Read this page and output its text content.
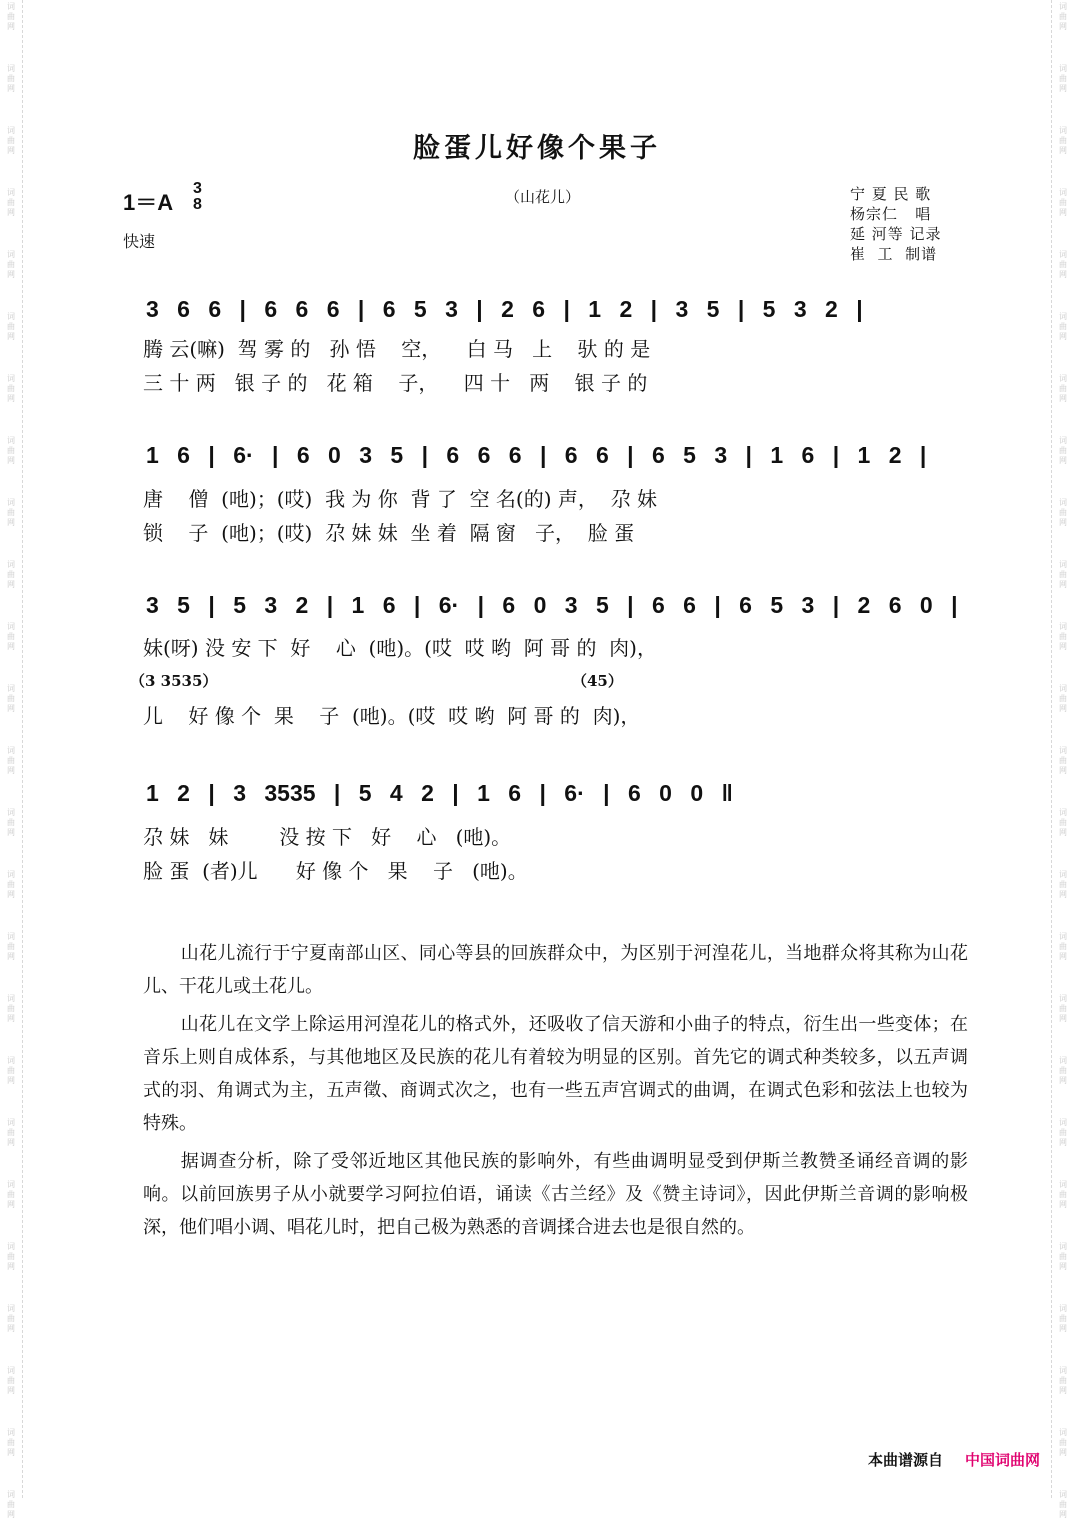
词
曲
网
词
曲
网
词
曲
网
词
曲
网
词
曲
网
词
曲
网
词
曲
网
词
曲
网
词
曲
网
词
曲
网
词
曲
网
词
曲
网
词
曲
网
词
曲
网
词
曲
网
词
曲
网
词
曲
网
词
曲
网
词
曲
网
词
曲
网
词
曲
网
词
曲
网
词
曲
网
词
曲
网
词
曲
网
词
曲
网
词
曲
网
词
曲
网
词
曲
网
词
曲
网
词
曲
网
词
曲
网
词
曲
网
词
曲
网
词
曲
网
词
曲
网
词
曲
网
词
曲
网
词
曲
网
词
曲
网
词
曲
网
词
曲
网
词
曲
网
词
曲
网
词
曲
网
词
曲
网
词
曲
网
词
曲
网
词
曲
网
词
曲
网
脸蛋儿好像个果子
1＝A
3
8
快速
（山花儿）	宁 夏 民 歌
杨宗仁   唱
延 河等 记录
崔  工  制谱
3 6 6 | 6 6 6 | 6 5 3 | 2 6 | 1 2 | 3 5 | 5 3 2 |
腾 云(嘛)  驾 雾 的   孙 悟    空，    白 马   上    驮 的 是
三 十 两   银 子 的   花 箱    子，    四 十   两    银 子 的
1 6 | 6· | 6 0 3 5 | 6 6 6 | 6 6 | 6 5 3 | 1 6 | 1 2 |
唐    僧  (吔)；(哎)  我 为 你  背 了  空 名(的) 声，  尕 妹
锁    子  (吔)；(哎)  尕 妹 妹  坐 着  隔 窗   子，  脸 蛋
3 5 | 5 3 2 | 1 6 | 6· | 6 0 3 5 | 6 6 | 6 5 3 | 2 6 0 |
妹(呀) 没 安 下  好    心  (吔)。(哎  哎 哟  阿 哥 的  肉)，
（3 3535）	（45）
儿    好 像 个  果    子  (吔)。(哎  哎 哟  阿 哥 的  肉)，
1 2 | 3 3535 | 5 4 2 | 1 6 | 6· | 6 0 0 ‖
尕 妹   妹        没 按 下   好    心   (吔)。
脸 蛋  (者)儿      好 像 个   果    子   (吔)。

山花儿流行于宁夏南部山区、同心等县的回族群众中，为区别于河湟花儿，当地群众将其称为山花儿、干花儿或土花儿。

山花儿在文学上除运用河湟花儿的格式外，还吸收了信天游和小曲子的特点，衍生出一些变体；在音乐上则自成体系，与其他地区及民族的花儿有着较为明显的区别。首先它的调式种类较多，以五声调式的羽、角调式为主，五声徵、商调式次之，也有一些五声宫调式的曲调，在调式色彩和弦法上也较为特殊。

据调查分析，除了受邻近地区其他民族的影响外，有些曲调明显受到伊斯兰教赞圣诵经音调的影响。以前回族男子从小就要学习阿拉伯语，诵读《古兰经》及《赞主诗词》，因此伊斯兰音调的影响极深，他们唱小调、唱花儿时，把自己极为熟悉的音调揉合进去也是很自然的。

本曲谱源自 中国词曲网
